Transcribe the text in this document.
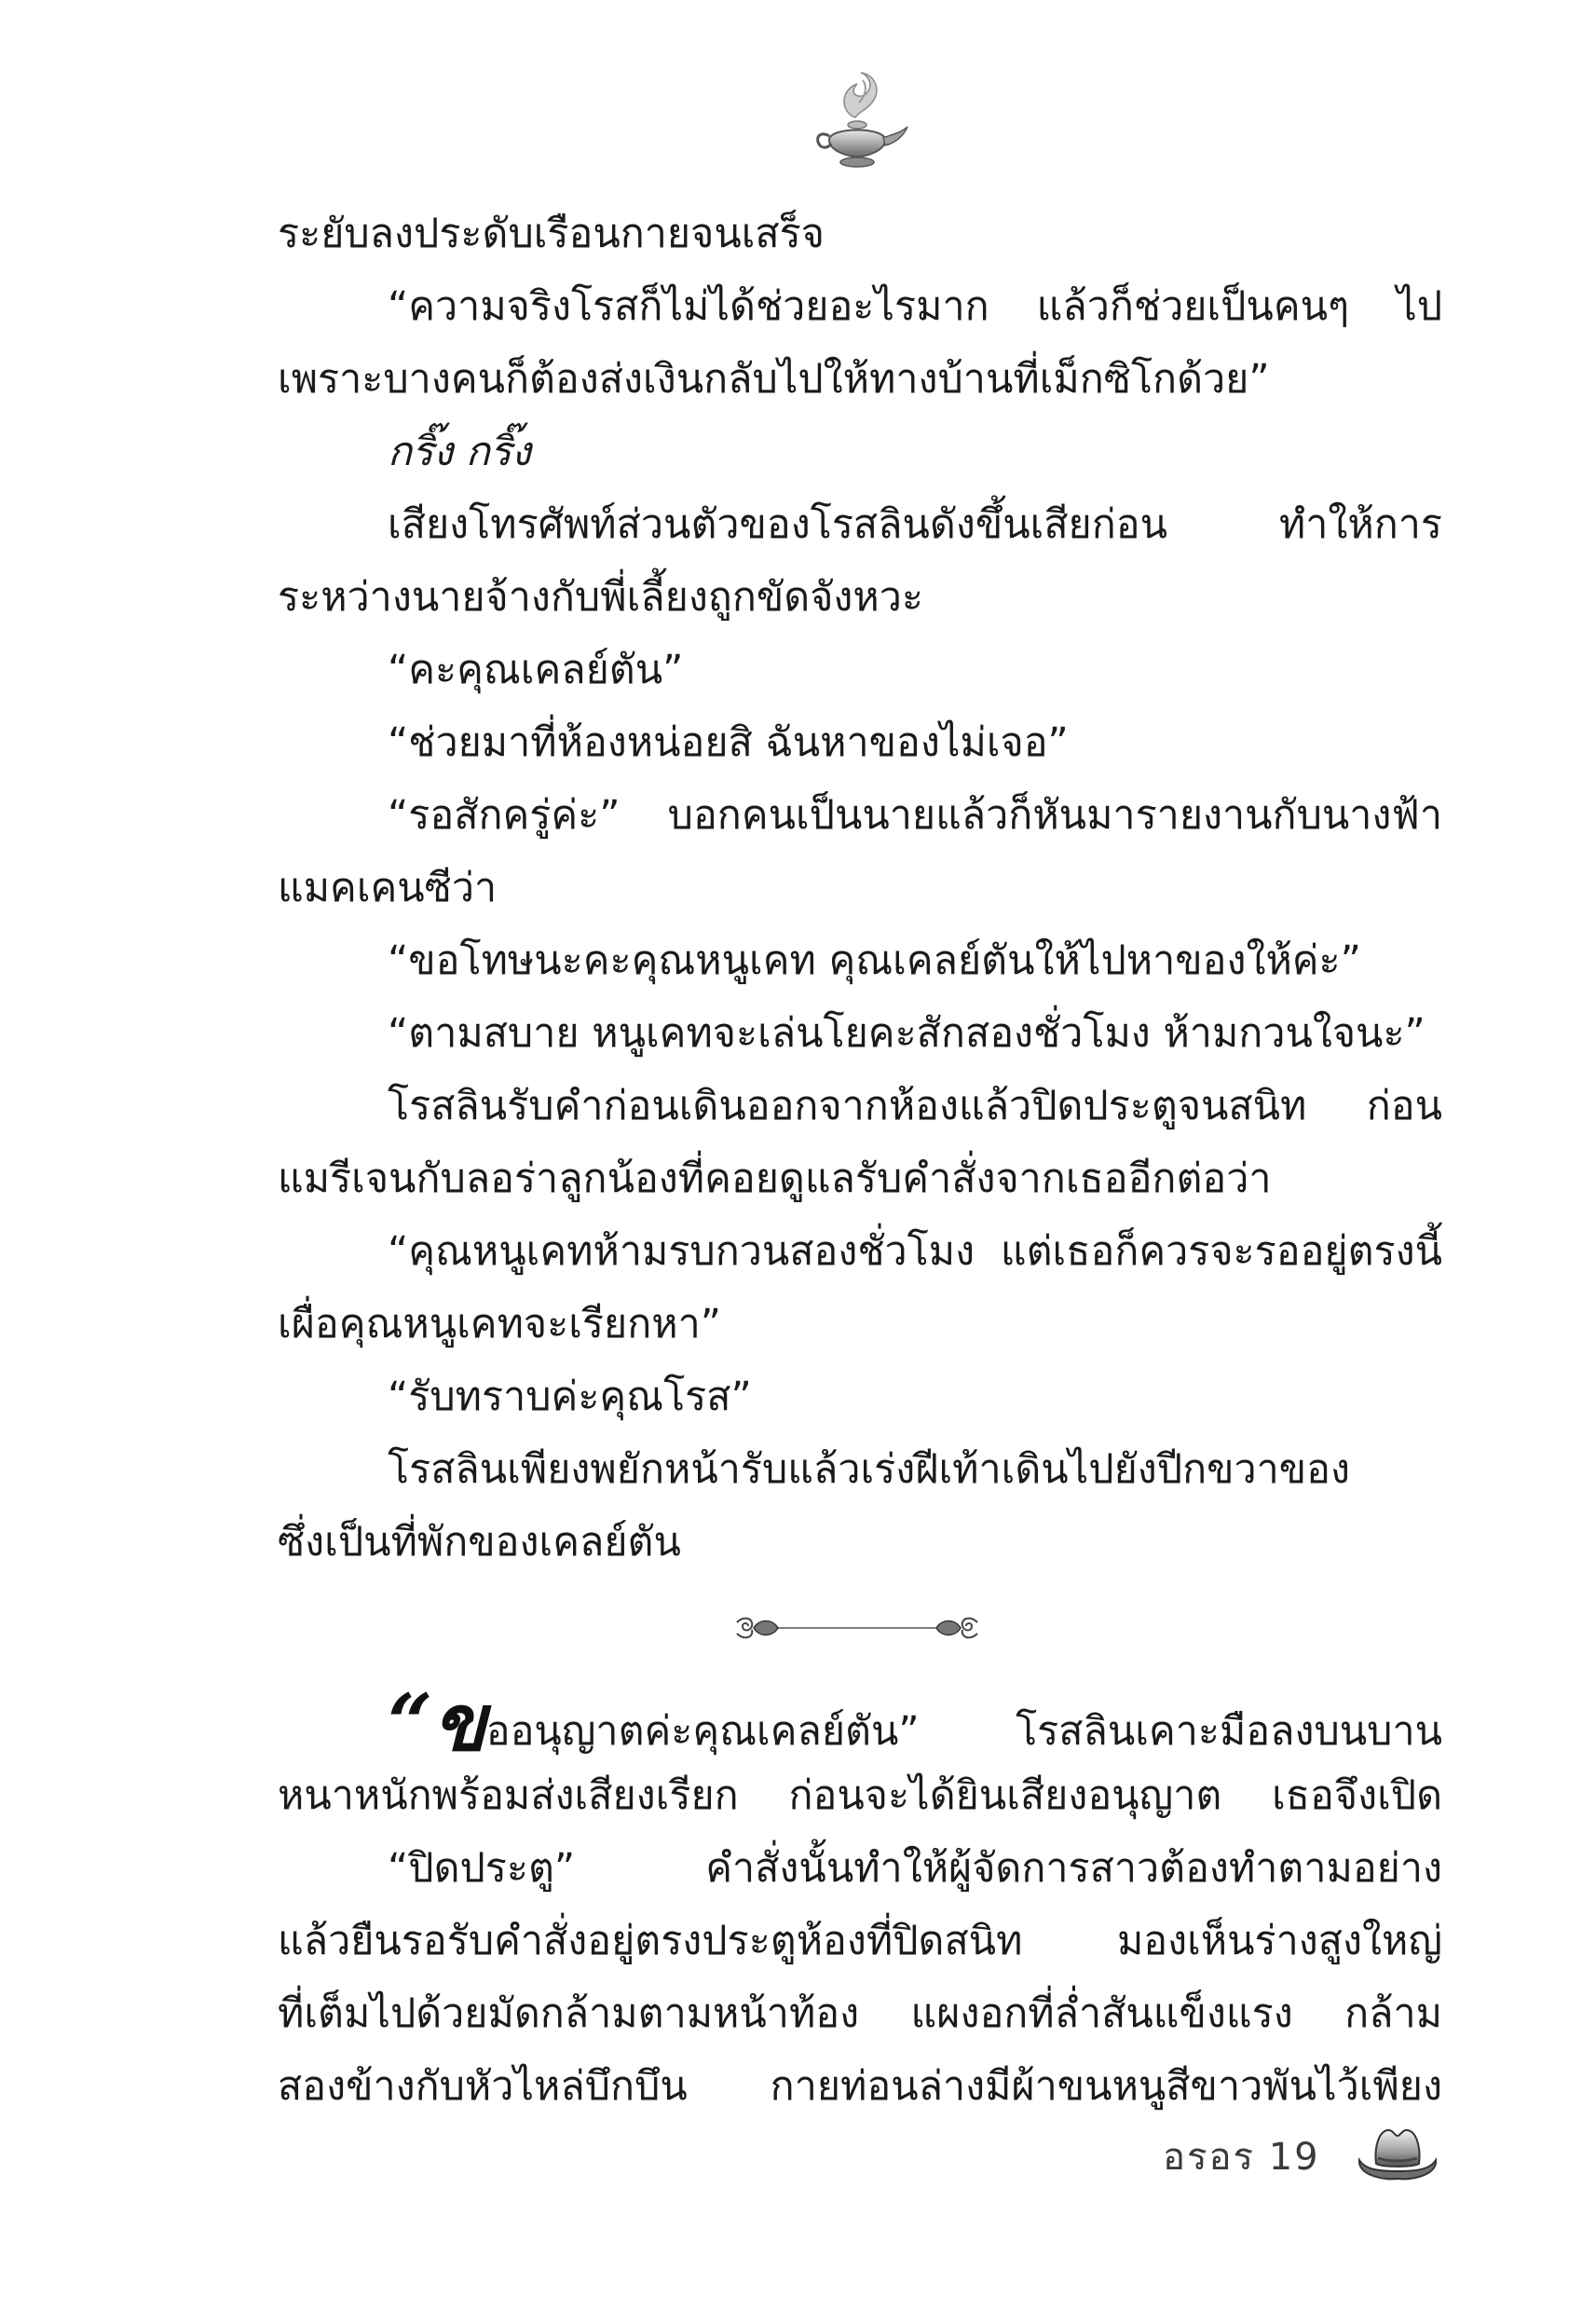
ระยับลงประดับเรือนกายจนเสร็จ
“ความจริงโรสก็ไม่ได้ช่วยอะไรมาก แล้วก็ช่วยเป็นคนๆ ไป
เพราะบางคนก็ต้องส่งเงินกลับไปให้ทางบ้านที่เม็กซิโกด้วย”
กริ๊ง กริ๊ง
เสียงโทรศัพท์ส่วนตัวของโรสลินดังขึ้นเสียก่อน ทำให้การ
ระหว่างนายจ้างกับพี่เลี้ยงถูกขัดจังหวะ
“คะคุณเคลย์ตัน”
“ช่วยมาที่ห้องหน่อยสิ ฉันหาของไม่เจอ”
“รอสักครู่ค่ะ” บอกคนเป็นนายแล้วก็หันมารายงานกับนางฟ้า
แมคเคนซีว่า
“ขอโทษนะคะคุณหนูเคท คุณเคลย์ตันให้ไปหาของให้ค่ะ”
“ตามสบาย หนูเคทจะเล่นโยคะสักสองชั่วโมง ห้ามกวนใจนะ”
โรสลินรับคำก่อนเดินออกจากห้องแล้วปิดประตูจนสนิท ก่อน
แมรีเจนกับลอร่าลูกน้องที่คอยดูแลรับคำสั่งจากเธออีกต่อว่า
“คุณหนูเคทห้ามรบกวนสองชั่วโมง แต่เธอก็ควรจะรออยู่ตรงนี้
เผื่อคุณหนูเคทจะเรียกหา”
“รับทราบค่ะคุณโรส”
โรสลินเพียงพยักหน้ารับแล้วเร่งฝีเท้าเดินไปยังปีกขวาของ
ซึ่งเป็นที่พักของเคลย์ตัน
“ขออนุญาตค่ะคุณเคลย์ตัน” โรสลินเคาะมือลงบนบาน
หนาหนักพร้อมส่งเสียงเรียก ก่อนจะได้ยินเสียงอนุญาต เธอจึงเปิด
“ปิดประตู” คำสั่งนั้นทำให้ผู้จัดการสาวต้องทำตามอย่าง
แล้วยืนรอรับคำสั่งอยู่ตรงประตูห้องที่ปิดสนิท มองเห็นร่างสูงใหญ่
ที่เต็มไปด้วยมัดกล้ามตามหน้าท้อง แผงอกที่ล่ำสันแข็งแรง กล้าม
สองข้างกับหัวไหล่บึกบึน กายท่อนล่างมีผ้าขนหนูสีขาวพันไว้เพียง
อรอร 19
